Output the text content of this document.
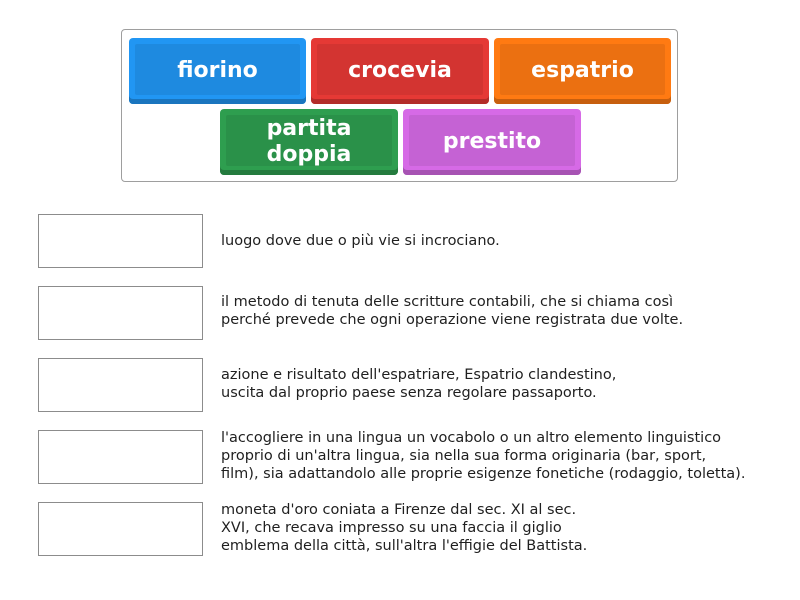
fiorino	crocevia	espatrio
partita
doppia
prestito
luogo dove due o più vie si incrociano.
il metodo di tenuta delle scritture contabili, che si chiama così
perché prevede che ogni operazione viene registrata due volte.
azione e risultato dell'espatriare, Espatrio clandestino,
uscita dal proprio paese senza regolare passaporto.
l'accogliere in una lingua un vocabolo o un altro elemento linguistico
proprio di un'altra lingua, sia nella sua forma originaria (bar, sport,
film), sia adattandolo alle proprie esigenze fonetiche (rodaggio, toletta).
moneta d'oro coniata a Firenze dal sec. XI al sec.
XVI, che recava impresso su una faccia il giglio
emblema della città, sull'altra l'effigie del Battista.
